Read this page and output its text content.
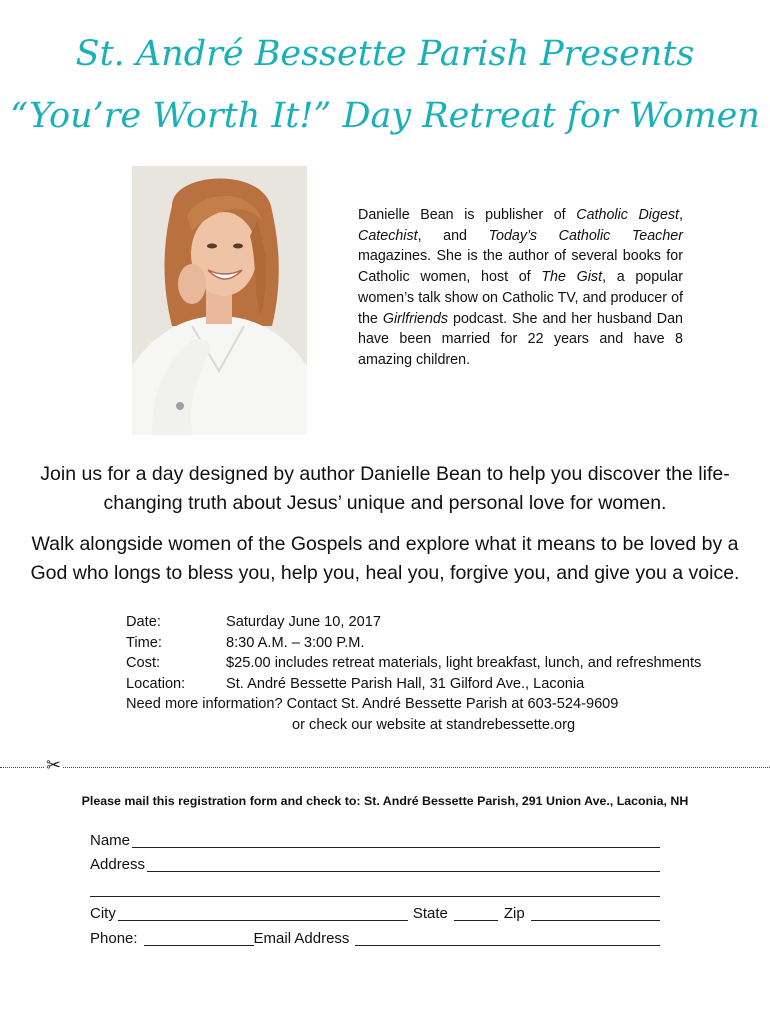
St. André Bessette Parish Presents
“You’re Worth It!” Day Retreat for Women
Danielle Bean is publisher of Catholic Digest, Catechist, and Today’s Catholic Teacher magazines. She is the author of several books for Catholic women, host of The Gist, a popular women’s talk show on Catholic TV, and producer of the Girlfriends podcast. She and her husband Dan have been married for 22 years and have 8 amazing children.
Join us for a day designed by author Danielle Bean to help you discover the life-changing truth about Jesus’ unique and personal love for women.
Walk alongside women of the Gospels and explore what it means to be loved by a God who longs to bless you, help you, heal you, forgive you, and give you a voice.
Date:	Saturday June 10, 2017
Time:	8:30 A.M. – 3:00 P.M.
Cost:	$25.00 includes retreat materials, light breakfast, lunch, and refreshments
Location:	St. André Bessette Parish Hall, 31 Gilford Ave., Laconia
Need more information? Contact St. André Bessette Parish at 603-524-9609
or check our website at standrebessette.org
✂
Please mail this registration form and check to: St. André Bessette Parish, 291 Union Ave., Laconia, NH
Name
Address
City	State	Zip
Phone:	Email Address
